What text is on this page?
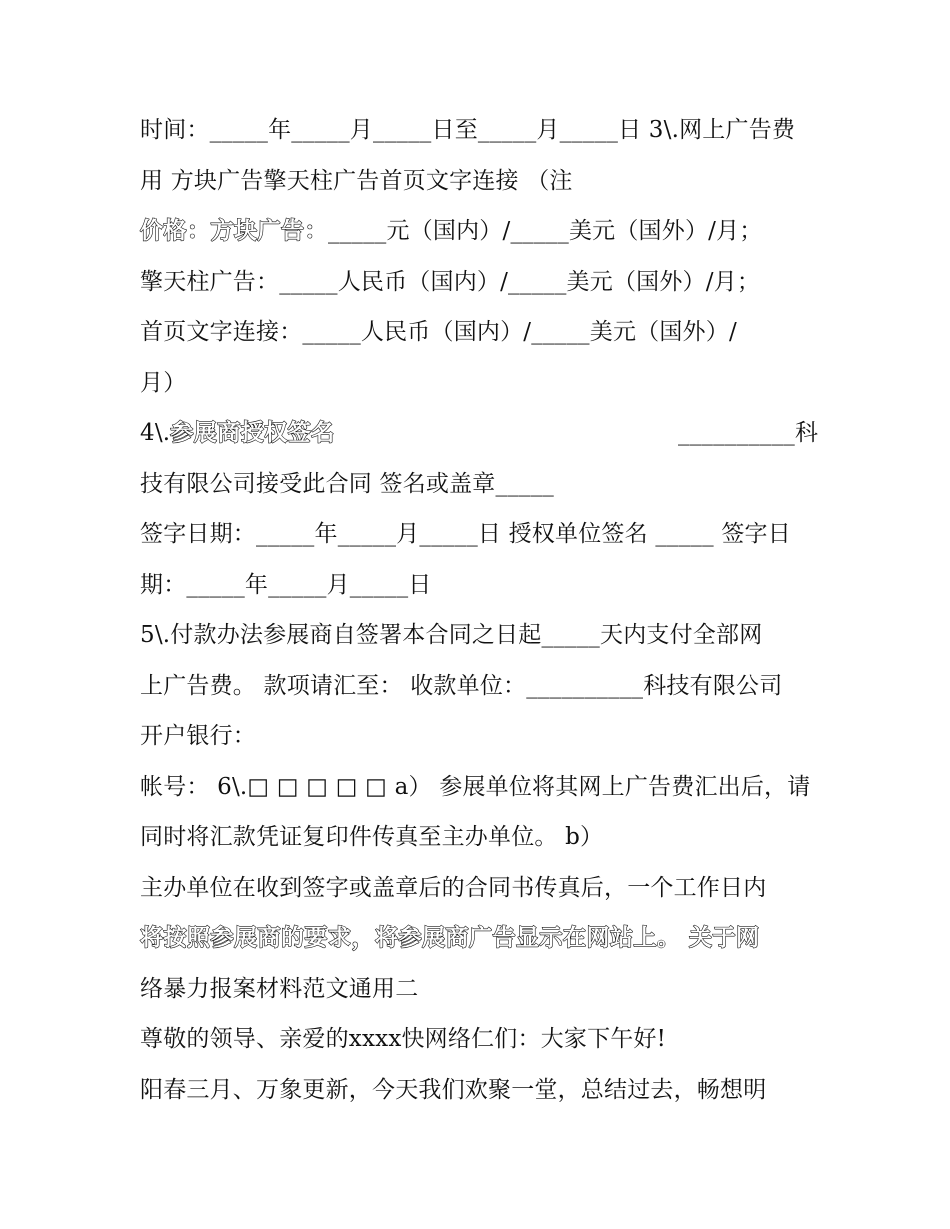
时间：_____年_____月_____日至_____月_____日 3\.网上广告费
用 方块广告擎天柱广告首页文字连接 （注
价格：方块广告：_____元（国内）/_____美元（国外）/月；
擎天柱广告：_____人民币（国内）/_____美元（国外）/月；
首页文字连接：_____人民币（国内）/_____美元（国外）/
月）
4\.参展商授权签名	__________科
技有限公司接受此合同 签名或盖章_____
签字日期：_____年_____月_____日 授权单位签名 _____ 签字日
期：_____年_____月_____日
5\.付款办法参展商自签署本合同之日起_____天内支付全部网
上广告费。 款项请汇至： 收款单位：__________科技有限公司
开户银行：
帐号： 6\.□ □ □ □ □ a） 参展单位将其网上广告费汇出后，请
同时将汇款凭证复印件传真至主办单位。 b）
主办单位在收到签字或盖章后的合同书传真后，一个工作日内
将按照参展商的要求，将参展商广告显示在网站上。 关于网
络暴力报案材料范文通用二
尊敬的领导、亲爱的xxxx快网络仁们：大家下午好!
阳春三月、万象更新，今天我们欢聚一堂，总结过去，畅想明
